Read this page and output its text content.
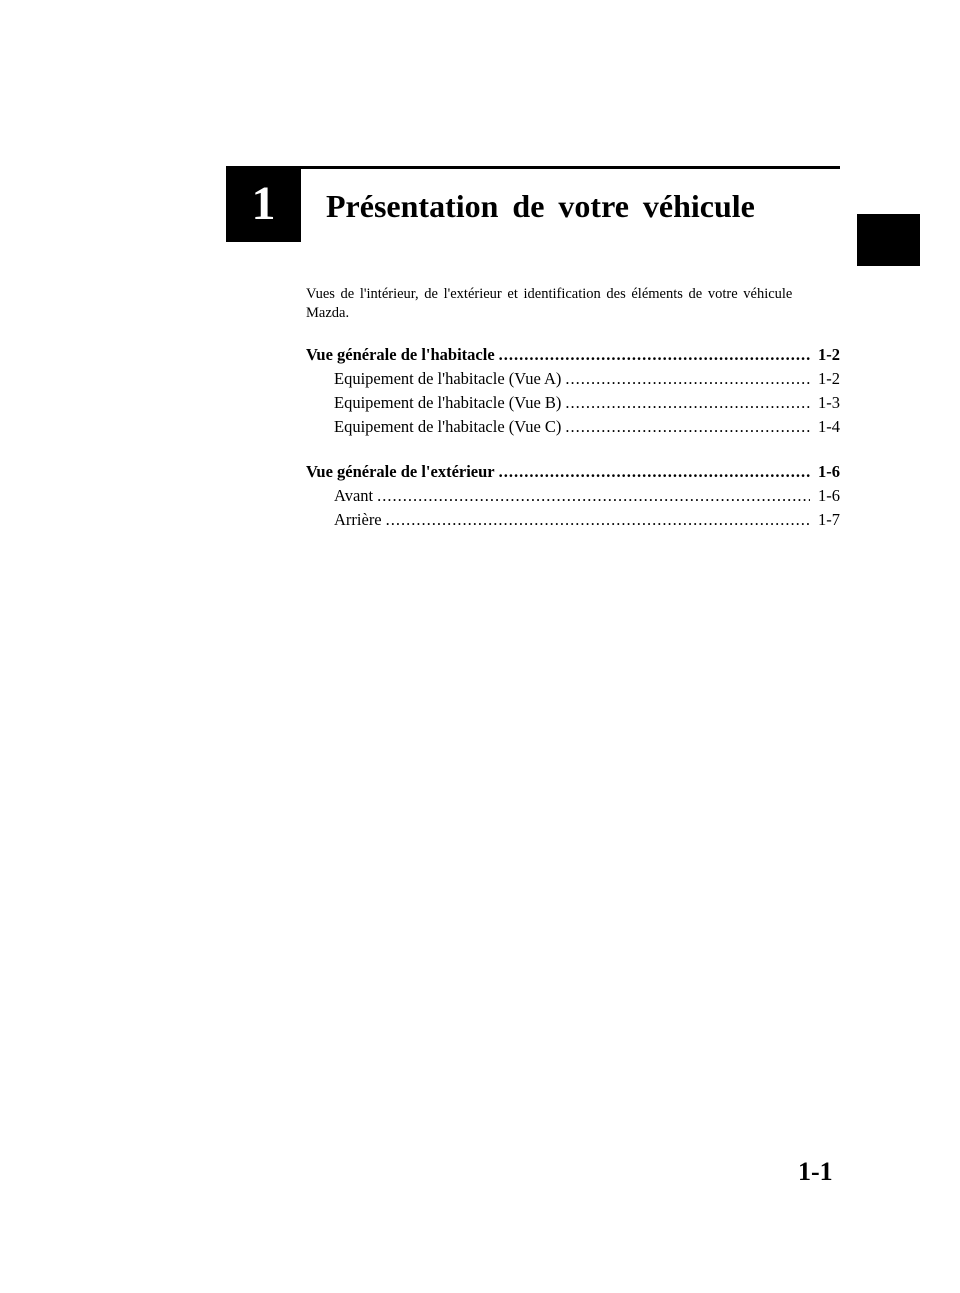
1	Présentation de votre véhicule
Vues de l'intérieur, de l'extérieur et identification des éléments de votre véhicule Mazda.
Vue générale de l'habitacle .....	1-2
Equipement de l'habitacle (Vue A) .....	1-2
Equipement de l'habitacle (Vue B) .....	1-3
Equipement de l'habitacle (Vue C) .....	1-4
Vue générale de l'extérieur .....	1-6
Avant .....	1-6
Arrière .....	1-7
1-1
